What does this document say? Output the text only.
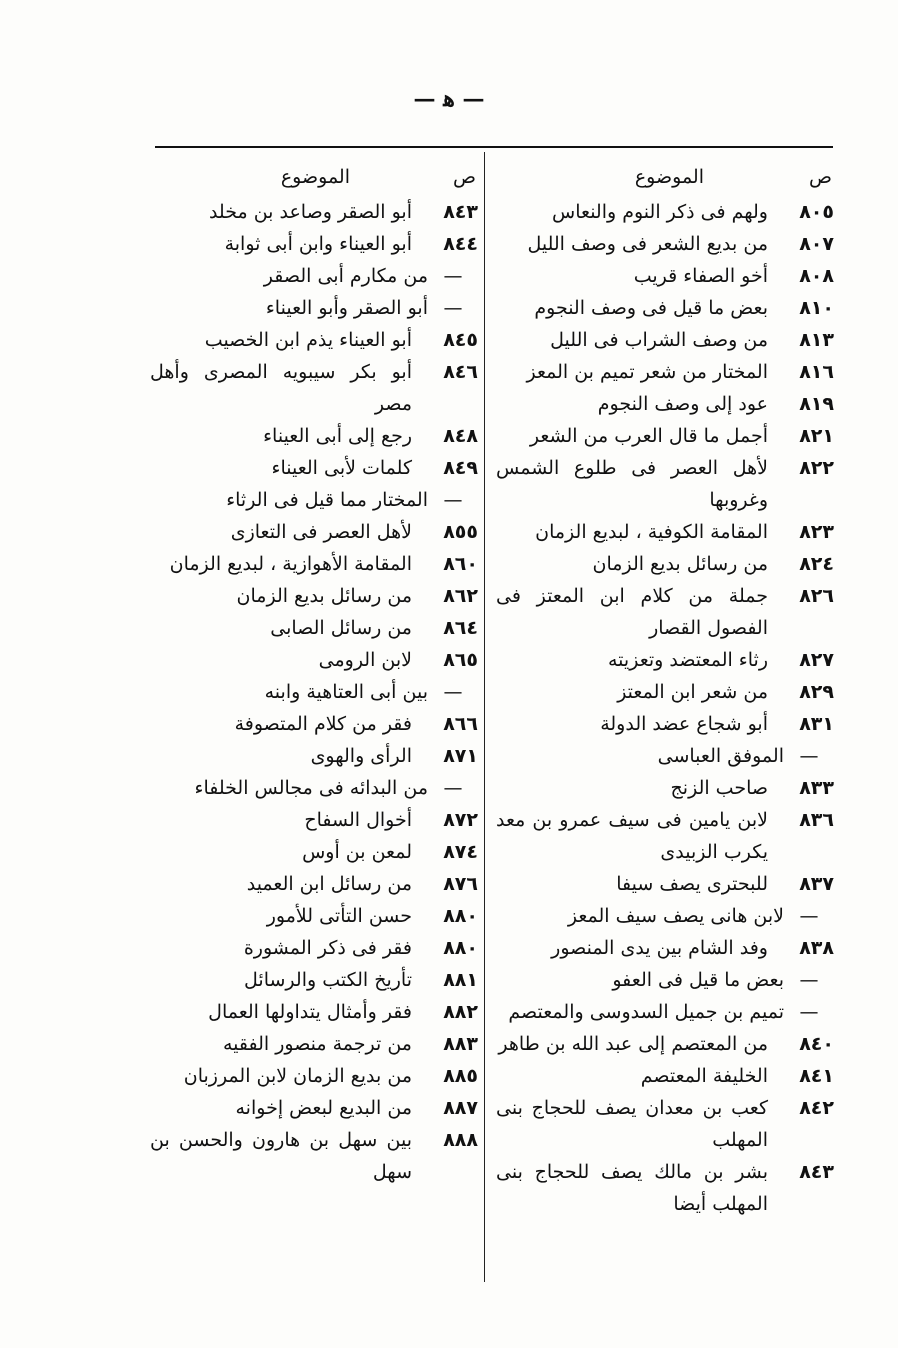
— ﻫ —
ص
الموضوع
٨٠٥
ولهم فى ذكر النوم والنعاس
٨٠٧
من بديع الشعر فى وصف الليل
٨٠٨
أخو الصفاء قريب
٨١٠
بعض ما قيل فى وصف النجوم
٨١٣
من وصف الشراب فى الليل
٨١٦
المختار من شعر تميم بن المعز
٨١٩
عود إلى وصف النجوم
٨٢١
أجمل ما قال العرب من الشعر
٨٢٢
لأهل العصر فى طلوع الشمس وغروبها
٨٢٣
المقامة الكوفية ، لبديع الزمان
٨٢٤
من رسائل بديع الزمان
٨٢٦
جملة من كلام ابن المعتز فى الفصول القصار
٨٢٧
رثاء المعتضد وتعزيته
٨٢٩
من شعر ابن المعتز
٨٣١
أبو شجاع عضد الدولة
—
الموفق العباسى
٨٣٣
صاحب الزنج
٨٣٦
لابن يامين فى سيف عمرو بن معد يكرب الزبيدى
٨٣٧
للبحترى يصف سيفا
—
لابن هانى يصف سيف المعز
٨٣٨
وفد الشام بين يدى المنصور
—
بعض ما قيل فى العفو
—
تميم بن جميل السدوسى والمعتصم
٨٤٠
من المعتصم إلى عبد الله بن طاهر
٨٤١
الخليفة المعتصم
٨٤٢
كعب بن معدان يصف للحجاج بنى المهلب
٨٤٣
بشر بن مالك يصف للحجاج بنى المهلب أيضا
ص
الموضوع
٨٤٣
أبو الصقر وصاعد بن مخلد
٨٤٤
أبو العيناء وابن أبى ثوابة
—
من مكارم أبى الصقر
—
أبو الصقر وأبو العيناء
٨٤٥
أبو العيناء يذم ابن الخصيب
٨٤٦
أبو بكر سيبويه المصرى وأهل مصر
٨٤٨
رجع إلى أبى العيناء
٨٤٩
كلمات لأبى العيناء
—
المختار مما قيل فى الرثاء
٨٥٥
لأهل العصر فى التعازى
٨٦٠
المقامة الأهوازية ، لبديع الزمان
٨٦٢
من رسائل بديع الزمان
٨٦٤
من رسائل الصابى
٨٦٥
لابن الرومى
—
بين أبى العتاهية وابنه
٨٦٦
فقر من كلام المتصوفة
٨٧١
الرأى والهوى
—
من البدائه فى مجالس الخلفاء
٨٧٢
أخوال السفاح
٨٧٤
لمعن بن أوس
٨٧٦
من رسائل ابن العميد
٨٨٠
حسن التأتى للأمور
٨٨٠
فقر فى ذكر المشورة
٨٨١
تأريخ الكتب والرسائل
٨٨٢
فقر وأمثال يتداولها العمال
٨٨٣
من ترجمة منصور الفقيه
٨٨٥
من بديع الزمان لابن المرزبان
٨٨٧
من البديع لبعض إخوانه
٨٨٨
بين سهل بن هارون والحسن بن سهل
